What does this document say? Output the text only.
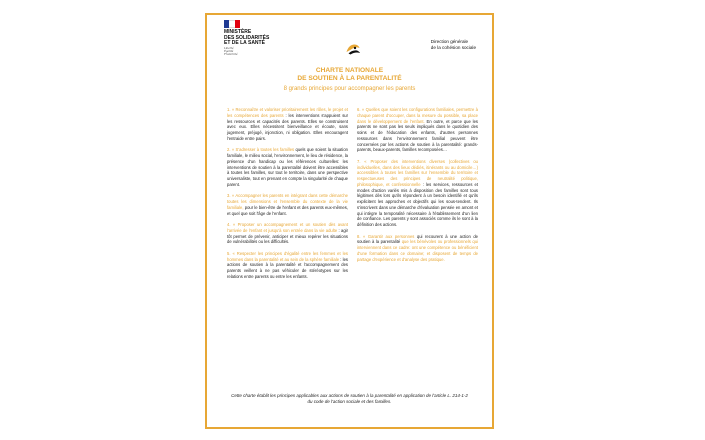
MINISTÈRE
DES SOLIDARITÉS
ET DE LA SANTÉ
Liberté
Égalité
Fraternité
Direction générale
de la cohésion sociale
CHARTE NATIONALE
DE SOUTIEN À LA PARENTALITÉ
8 grands principes pour accompagner les parents

1. « Reconnaître et valoriser prioritairement les rôles, le projet et les compétences des parents : les interventions s'appuient sur les ressources et capacités des parents. Elles se construisent avec eux. Elles nécessitent bienveillance et écoute, sans jugement, préjugé, injonction, ni obligation. Elles encouragent l'entraide entre pairs.

2. « S'adresser à toutes les familles quels que soient la situation familiale, le milieu social, l'environnement, le lieu de résidence, la présence d'un handicap ou les références culturelles: les interventions de soutien à la parentalité doivent être accessibles à toutes les familles, sur tout le territoire, dans une perspective universaliste, tout en prenant en compte la singularité de chaque parent.

3. « Accompagner les parents en intégrant dans cette démarche toutes les dimensions et l'ensemble du contexte de la vie familiale, pour le bien-être de l'enfant et des parents eux-mêmes, et quel que soit l'âge de l'enfant.

4. « Proposer un accompagnement et un soutien dès avant l'arrivée de l'enfant et jusqu'à son entrée dans la vie adulte : agir tôt permet de prévenir, anticiper et mieux repérer les situations de vulnérabilités ou les difficultés.

5. « Respecter les principes d'égalité entre les femmes et les hommes dans la parentalité et au sein de la sphère familiale : les actions de soutien à la parentalité et l'accompagnement des parents veillent à ne pas véhiculer de stéréotypes sur les relations entre parents ou entre les enfants.

6. « Quelles que soient les configurations familiales, permettre à chaque parent d'occuper, dans la mesure du possible, sa place dans le développement de l'enfant. En outre, et parce que les parents ne sont pas les seuls impliqués dans le quotidien des soins et de l'éducation des enfants, d'autres personnes ressources dans l'environnement familial peuvent être concernées par les actions de soutien à la parentalité: grands-parents, beaux-parents, familles recomposées…

7. « Proposer des interventions diverses (collectives ou individuelles, dans des lieux dédiés, itinérants ou au domicile…) accessibles à toutes les familles sur l'ensemble du territoire et respectueuses des principes de neutralité politique, philosophique, et confessionnelle : les services, ressources et modes d'action variés mis à disposition des familles sont tous légitimes dès lors qu'ils répondent à un besoin identifié et qu'ils explicitent les approches et objectifs qui les sous-tendent. Ils s'inscrivent dans une démarche d'évaluation pensée en amont et qui intègre la temporalité nécessaire à l'établissement d'un lien de confiance. Les parents y sont associés comme ils le sont à la définition des actions.

8. « Garantir aux personnes qui recourent à une action de soutien à la parentalité que les bénévoles ou professionnels qui interviennent dans ce cadre: ont une compétence ou bénéficient d'une formation dans ce domaine; et disposent de temps de partage d'expérience et d'analyse des pratique.

Cette charte établit les principes applicables aux actions de soutien à la parentalité en application de l'article L. 214-1-2 du code de l'action sociale et des familles.
